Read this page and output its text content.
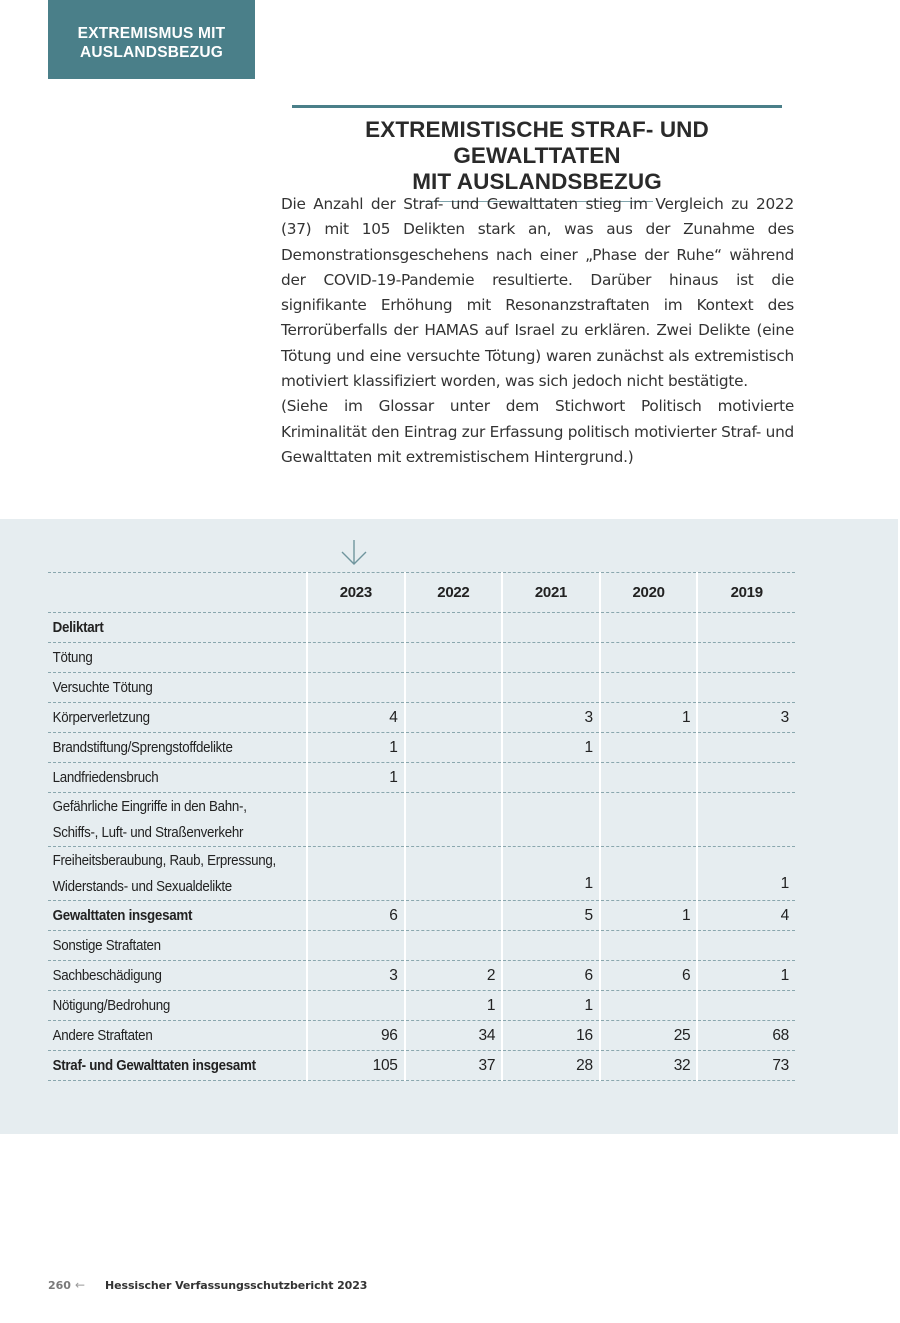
EXTREMISMUS MIT
AUSLANDSBEZUG
EXTREMISTISCHE STRAF- UND GEWALTTATEN
MIT AUSLANDSBEZUG

Die Anzahl der Straf- und Gewalttaten stieg im Vergleich zu 2022 (37) mit 105 Delikten stark an, was aus der Zunahme des Demonstrationsgeschehens nach einer „Phase der Ruhe“ während der COVID-19-Pandemie resultierte. Darüber hinaus ist die signifikante Erhöhung mit Resonanzstraftaten im Kontext des Terrorüberfalls der HAMAS auf Israel zu erklären. Zwei Delikte (eine Tötung und eine versuchte Tötung) waren zunächst als extremistisch motiviert klassifiziert worden, was sich jedoch nicht bestätigte.

(Siehe im Glossar unter dem Stichwort Politisch motivierte Kriminalität den Eintrag zur Erfassung politisch motivierter Straf- und Gewalttaten mit extremistischem Hintergrund.)

	2023	2022	2021	2020	2019
Deliktart					
Tötung					
Versuchte Tötung					
Körperverletzung	4		3	1	3
Brandstiftung/Sprengstoffdelikte	1		1		
Landfriedensbruch	1				
Gefährliche Eingriffe in den Bahn-,
Schiffs-, Luft- und Straßenverkehr					
Freiheitsberaubung, Raub, Erpressung,
Widerstands- und Sexualdelikte			1		1
Gewalttaten insgesamt	6		5	1	4
Sonstige Straftaten					
Sachbeschädigung	3	2	6	6	1
Nötigung/Bedrohung		1	1		
Andere Straftaten	96	34	16	25	68
Straf- und Gewalttaten insgesamt	105	37	28	32	73
260 ← Hessischer Verfassungsschutzbericht 2023
